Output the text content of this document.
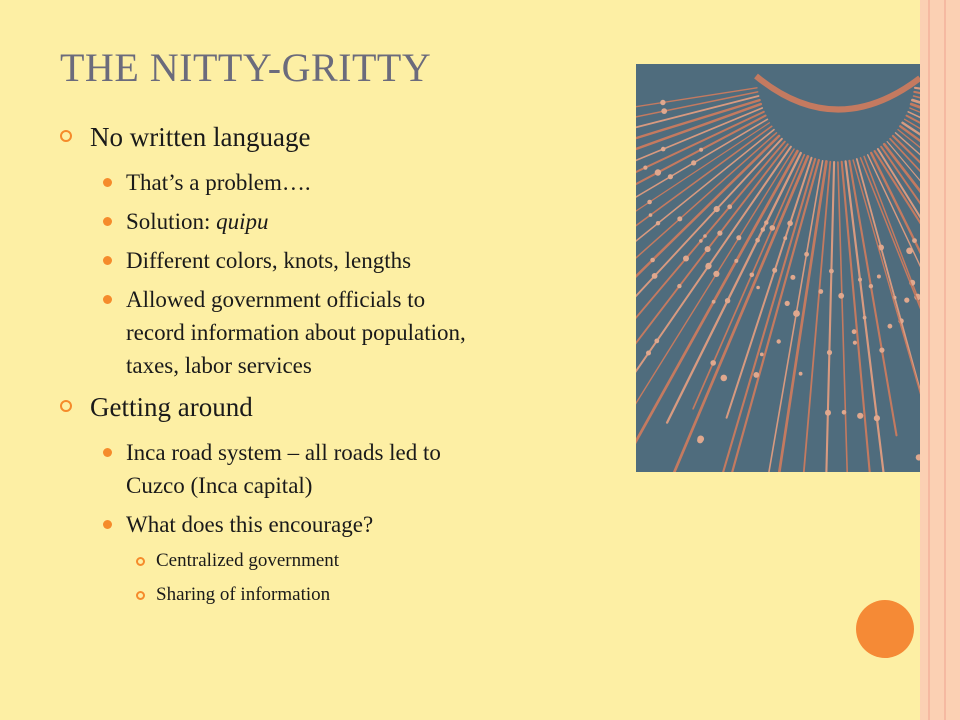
THE NITTY-GRITTY
No written language
That’s a problem….
Solution: quipu
Different colors, knots, lengths
Allowed government officials to
record information about population,
taxes, labor services
Getting around
Inca road system – all roads led to
Cuzco (Inca capital)
What does this encourage?
Centralized government
Sharing of information
